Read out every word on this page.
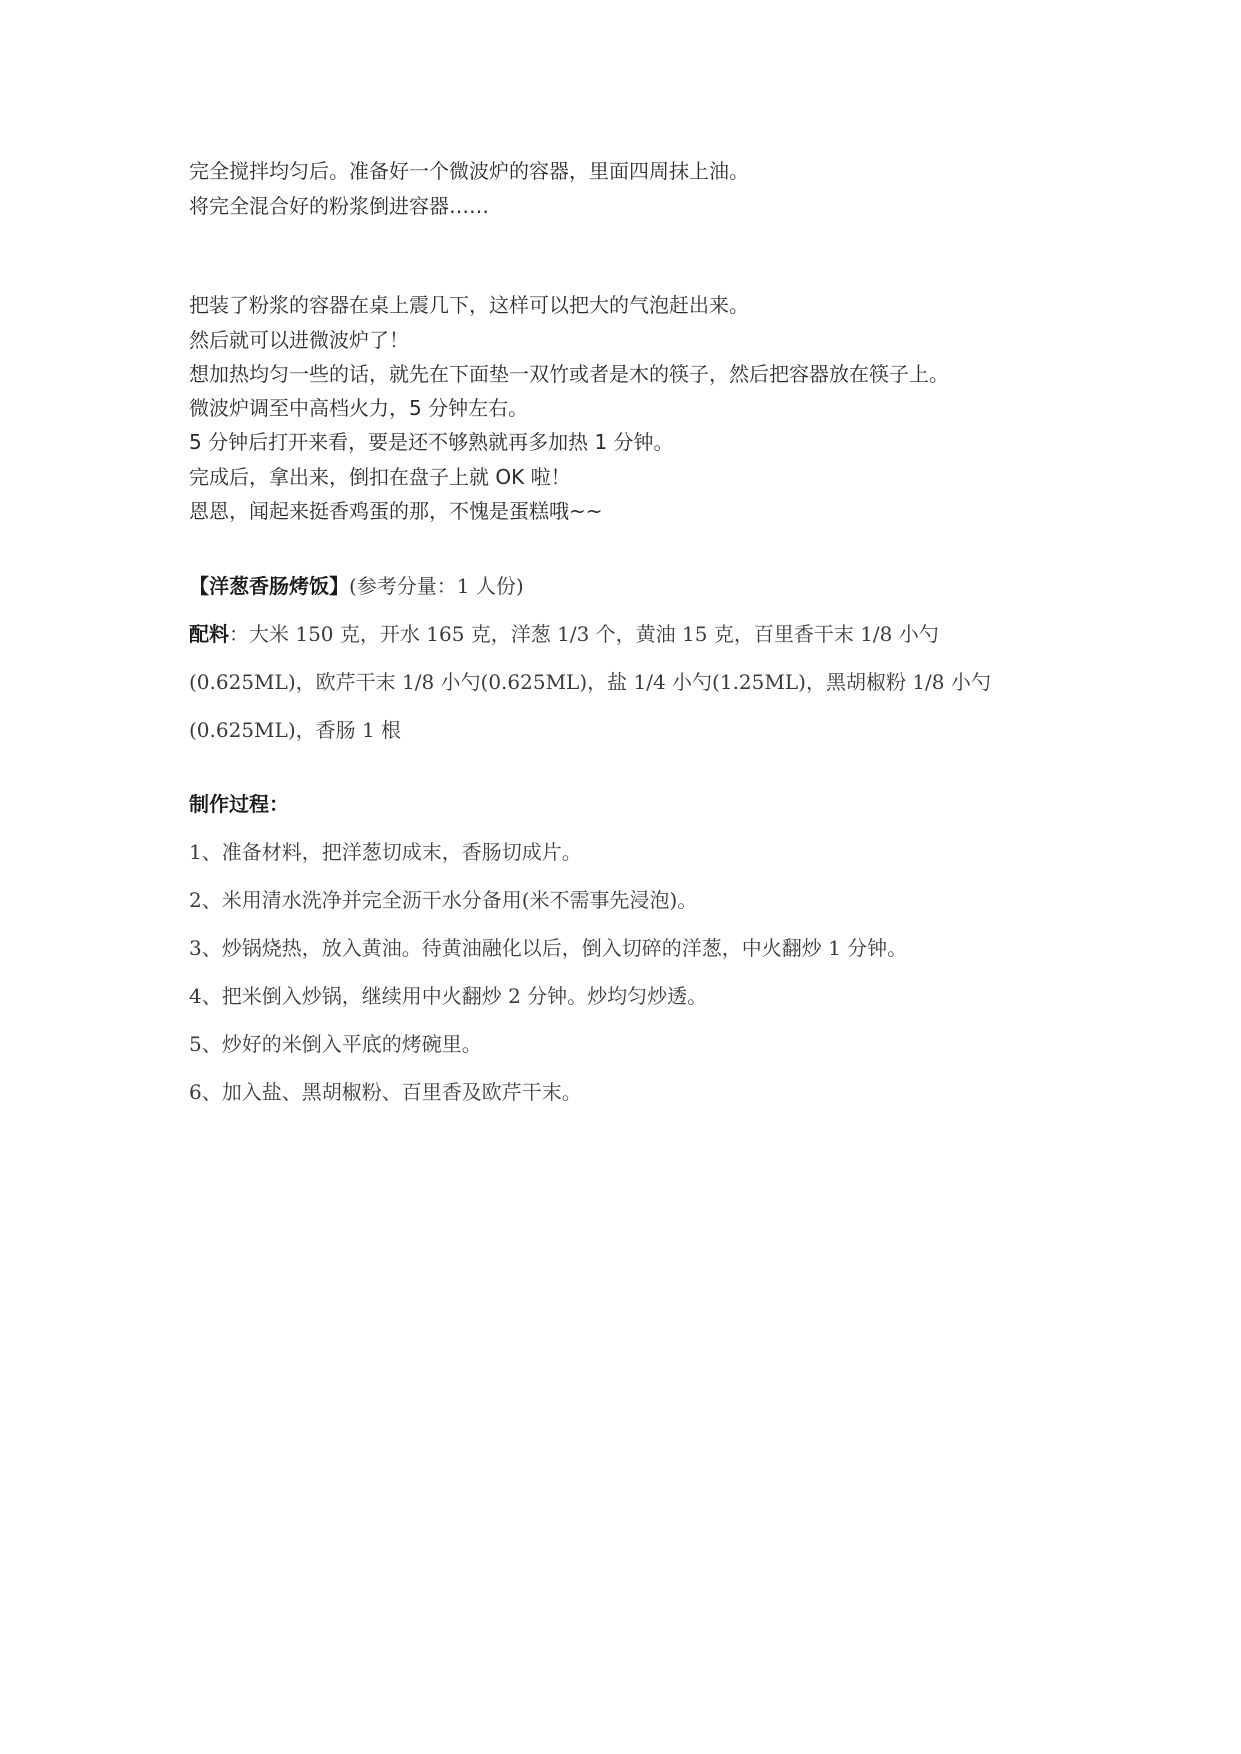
完全搅拌均匀后。准备好一个微波炉的容器，里面四周抹上油。
将完全混合好的粉浆倒进容器……
把装了粉浆的容器在桌上震几下，这样可以把大的气泡赶出来。
然后就可以进微波炉了！
想加热均匀一些的话，就先在下面垫一双竹或者是木的筷子，然后把容器放在筷子上。
微波炉调至中高档火力，5 分钟左右。
5 分钟后打开来看，要是还不够熟就再多加热 1 分钟。
完成后，拿出来，倒扣在盘子上就 OK 啦！
恩恩，闻起来挺香鸡蛋的那，不愧是蛋糕哦~~
【洋葱香肠烤饭】(参考分量：1 人份)
配料：大米 150 克，开水 165 克，洋葱 1/3 个，黄油 15 克，百里香干末 1/8 小勺
(0.625ML)，欧芹干末 1/8 小勺(0.625ML)，盐 1/4 小勺(1.25ML)，黑胡椒粉 1/8 小勺
(0.625ML)，香肠 1 根
制作过程：
1、准备材料，把洋葱切成末，香肠切成片。
2、米用清水洗净并完全沥干水分备用(米不需事先浸泡)。
3、炒锅烧热，放入黄油。待黄油融化以后，倒入切碎的洋葱，中火翻炒 1 分钟。
4、把米倒入炒锅，继续用中火翻炒 2 分钟。炒均匀炒透。
5、炒好的米倒入平底的烤碗里。
6、加入盐、黑胡椒粉、百里香及欧芹干末。
